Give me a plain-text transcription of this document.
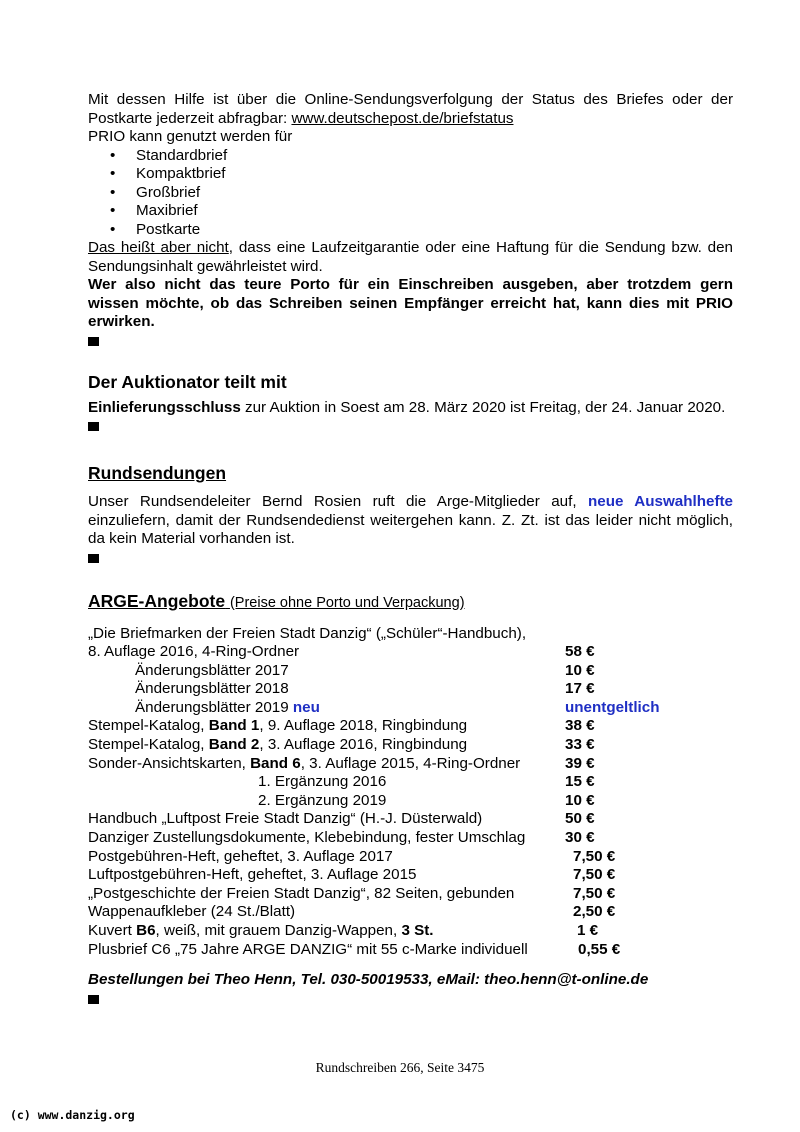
Mit dessen Hilfe ist über die Online-Sendungsverfolgung der Status des Briefes oder der Postkarte jederzeit abfragbar: www.deutschepost.de/briefstatus
PRIO kann genutzt werden für
• Standardbrief
• Kompaktbrief
• Großbrief
• Maxibrief
• Postkarte
Das heißt aber nicht, dass eine Laufzeitgarantie oder eine Haftung für die Sendung bzw. den Sendungsinhalt gewährleistet wird.
Wer also nicht das teure Porto für ein Einschreiben ausgeben, aber trotzdem gern wissen möchte, ob das Schreiben seinen Empfänger erreicht hat, kann dies mit PRIO erwirken.
Der Auktionator teilt mit
Einlieferungsschluss zur Auktion in Soest am 28. März 2020 ist Freitag, der 24. Januar 2020.
Rundsendungen
Unser Rundsendeleiter Bernd Rosien ruft die Arge-Mitglieder auf, neue Auswahlhefte einzuliefern, damit der Rundsendedienst weitergehen kann. Z. Zt. ist das leider nicht möglich, da kein Material vorhanden ist.
ARGE-Angebote (Preise ohne Porto und Verpackung)
„Die Briefmarken der Freien Stadt Danzig“ („Schüler“-Handbuch),
8. Auflage 2016, 4-Ring-Ordner	58 €
Änderungsblätter 2017	10 €
Änderungsblätter 2018	17 €
Änderungsblätter 2019 neu	unentgeltlich
Stempel-Katalog, Band 1, 9. Auflage 2018, Ringbindung	38 €
Stempel-Katalog, Band 2, 3. Auflage 2016, Ringbindung	33 €
Sonder-Ansichtskarten, Band 6, 3. Auflage 2015, 4-Ring-Ordner	39 €
1. Ergänzung 2016	15 €
2. Ergänzung 2019	10 €
Handbuch „Luftpost Freie Stadt Danzig“ (H.-J. Düsterwald)	50 €
Danziger Zustellungsdokumente, Klebebindung, fester Umschlag	30 €
Postgebühren-Heft, geheftet, 3. Auflage 2017	7,50 €
Luftpostgebühren-Heft, geheftet, 3. Auflage 2015	7,50 €
„Postgeschichte der Freien Stadt Danzig“, 82 Seiten, gebunden	7,50 €
Wappenaufkleber (24 St./Blatt)	2,50 €
Kuvert B6, weiß, mit grauem Danzig-Wappen, 3 St.	1 €
Plusbrief C6 „75 Jahre ARGE DANZIG“ mit 55 c-Marke individuell	0,55 €
Bestellungen bei Theo Henn, Tel. 030-50019533, eMail: theo.henn@t-online.de
Rundschreiben 266, Seite 3475
(c) www.danzig.org
